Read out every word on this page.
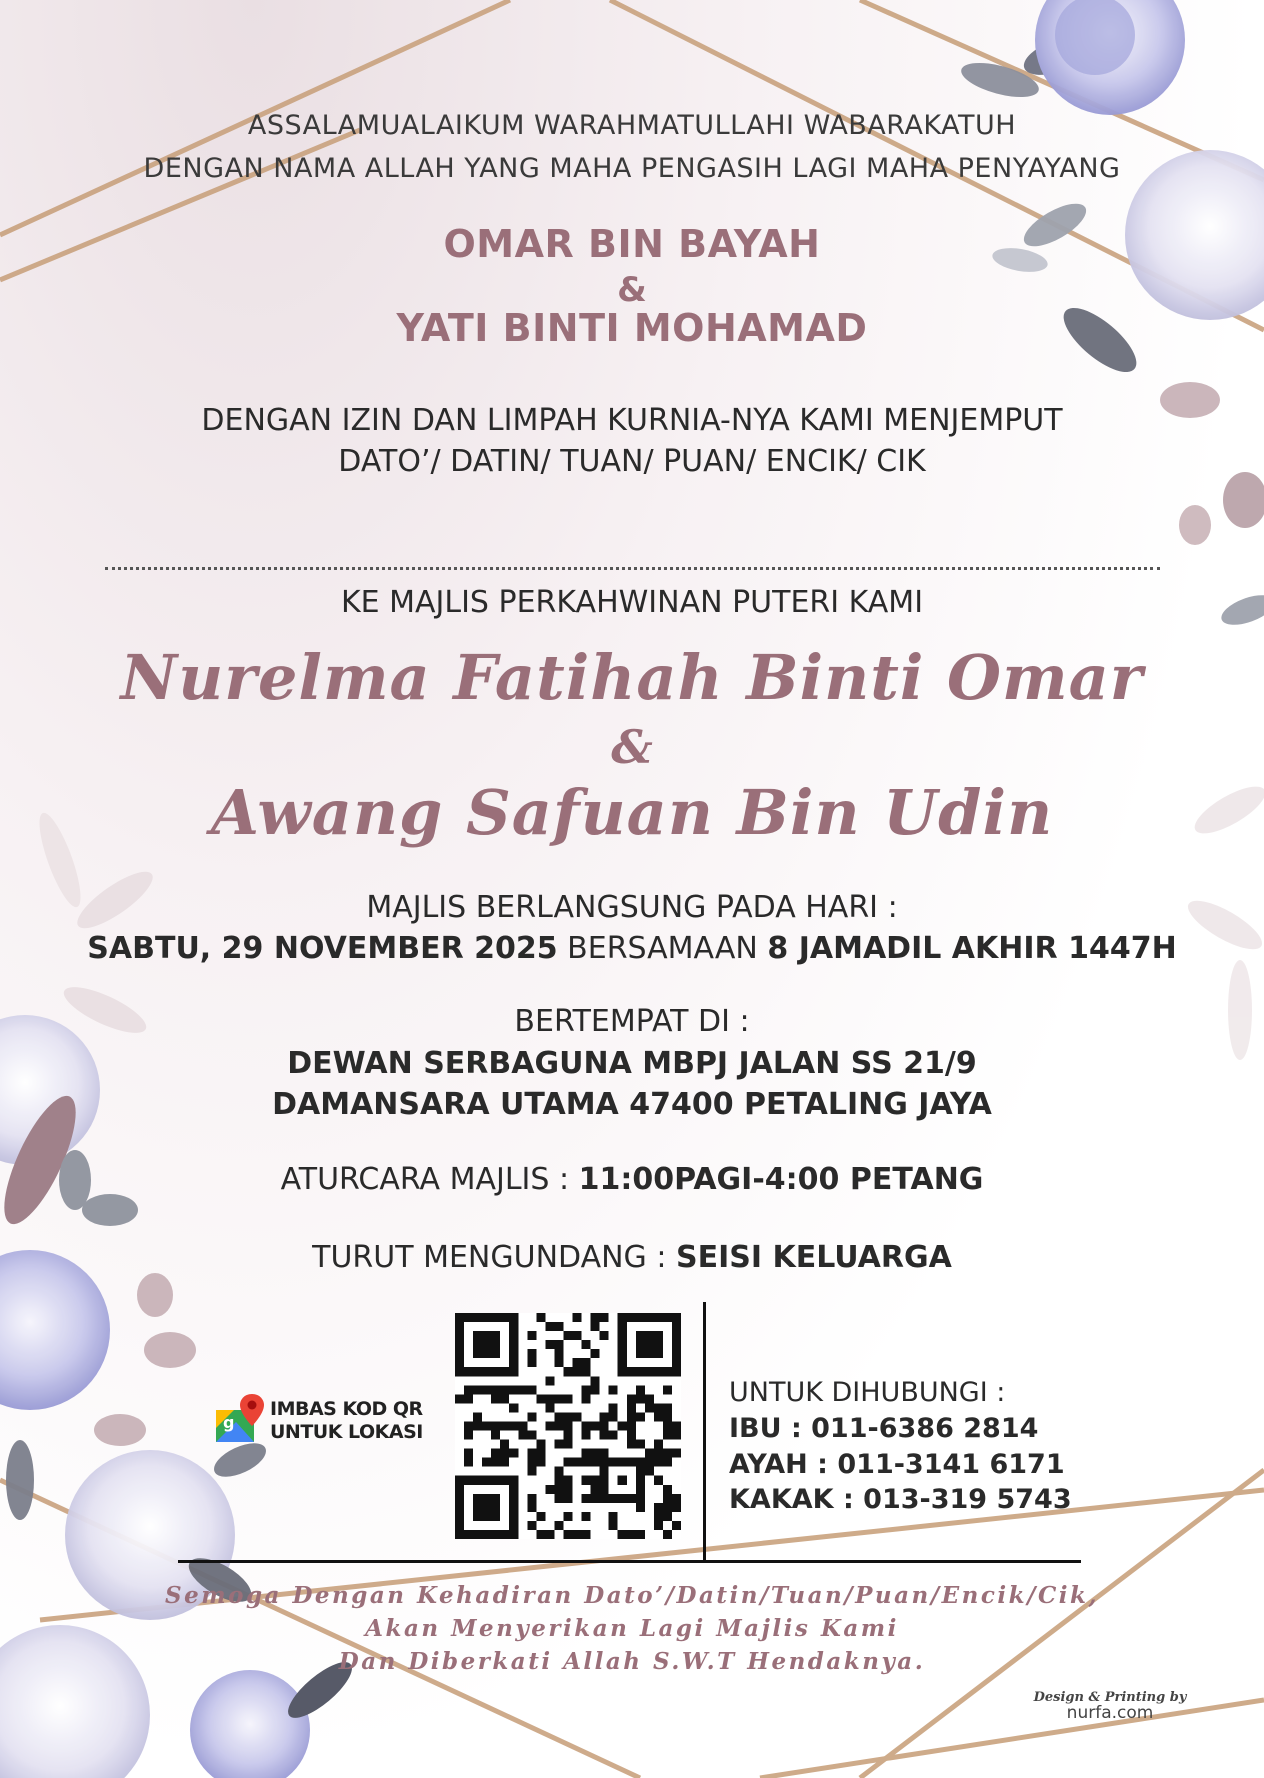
ASSALAMUALAIKUM WARAHMATULLAHI WABARAKATUH
DENGAN NAMA ALLAH YANG MAHA PENGASIH LAGI MAHA PENYAYANG
OMAR BIN BAYAH
&
YATI BINTI MOHAMAD
DENGAN IZIN DAN LIMPAH KURNIA-NYA KAMI MENJEMPUT
DATO’/ DATIN/ TUAN/ PUAN/ ENCIK/ CIK
KE MAJLIS PERKAHWINAN PUTERI KAMI
Nurelma Fatihah Binti Omar
&
Awang Safuan Bin Udin
MAJLIS BERLANGSUNG PADA HARI :
SABTU, 29 NOVEMBER 2025 BERSAMAAN 8 JAMADIL AKHIR 1447H
BERTEMPAT DI :
DEWAN SERBAGUNA MBPJ JALAN SS 21/9
DAMANSARA UTAMA 47400 PETALING JAYA
ATURCARA MAJLIS : 11:00PAGI-4:00 PETANG
TURUT MENGUNDANG : SEISI KELUARGA
g
IMBAS KOD QR
UNTUK LOKASI
UNTUK DIHUBUNGI :
IBU : 011-6386 2814
AYAH : 011-3141 6171
KAKAK : 013-319 5743
Semoga Dengan Kehadiran Dato’/Datin/Tuan/Puan/Encik/Cik,
Akan Menyerikan Lagi Majlis Kami
Dan Diberkati Allah S.W.T Hendaknya.
Design & Printing by
nurfa.com
